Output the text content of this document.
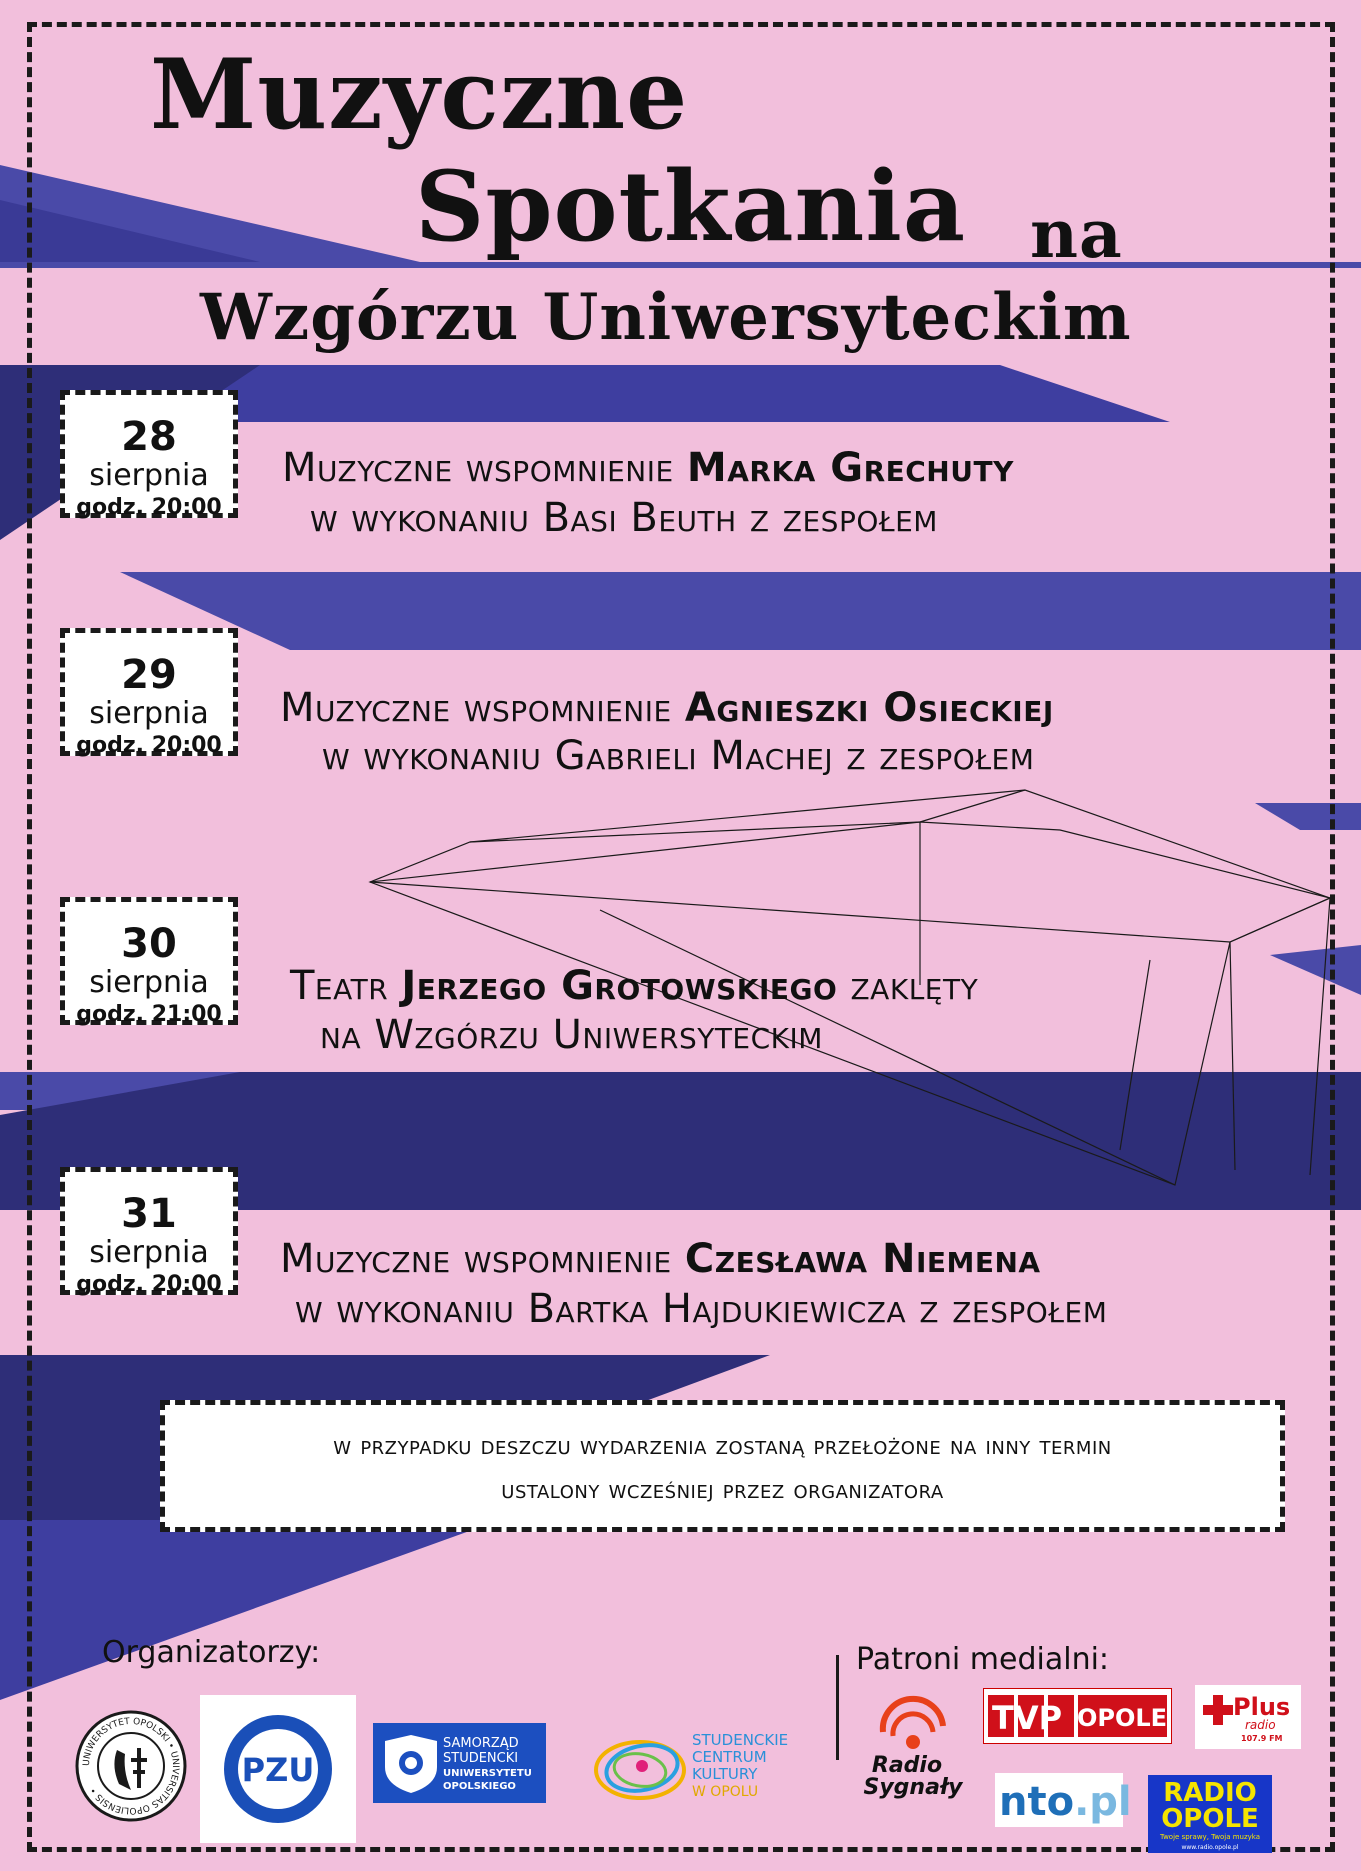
Muzyczne
Spotkania na
Wzgórzu Uniwersyteckim
28
sierpnia
godz. 20:00
Muzyczne wspomnienie Marka Grechuty
w wykonaniu Basi Beuth z zespołem
29
sierpnia
godz. 20:00
Muzyczne wspomnienie Agnieszki Osieckiej
w wykonaniu Gabrieli Machej z zespołem
30
sierpnia
godz. 21:00
Teatr Jerzego Grotowskiego zaklęty
na Wzgórzu Uniwersyteckim
31
sierpnia
godz. 20:00
Muzyczne wspomnienie Czesława Niemena
w wykonaniu Bartka Hajdukiewicza z zespołem
w przypadku deszczu wydarzenia zostaną przełożone na inny termin
ustalony wcześniej przez organizatora
Organizatorzy:
UNIWERSYTET OPOLSKI • UNIVERSITAS OPOLIENSIS •
PZU
SAMORZĄD
STUDENCKI
UNIWERSYTETU
OPOLSKIEGO
STUDENCKIE
CENTRUM
KULTURY
W OPOLU
Patroni medialni:
Radio
Sygnały
TVP OPOLE	Plus
radio
107.9 FM
nto.pl RADIO
OPOLE
Twoje sprawy, Twoja muzyka
www.radio.opole.pl
